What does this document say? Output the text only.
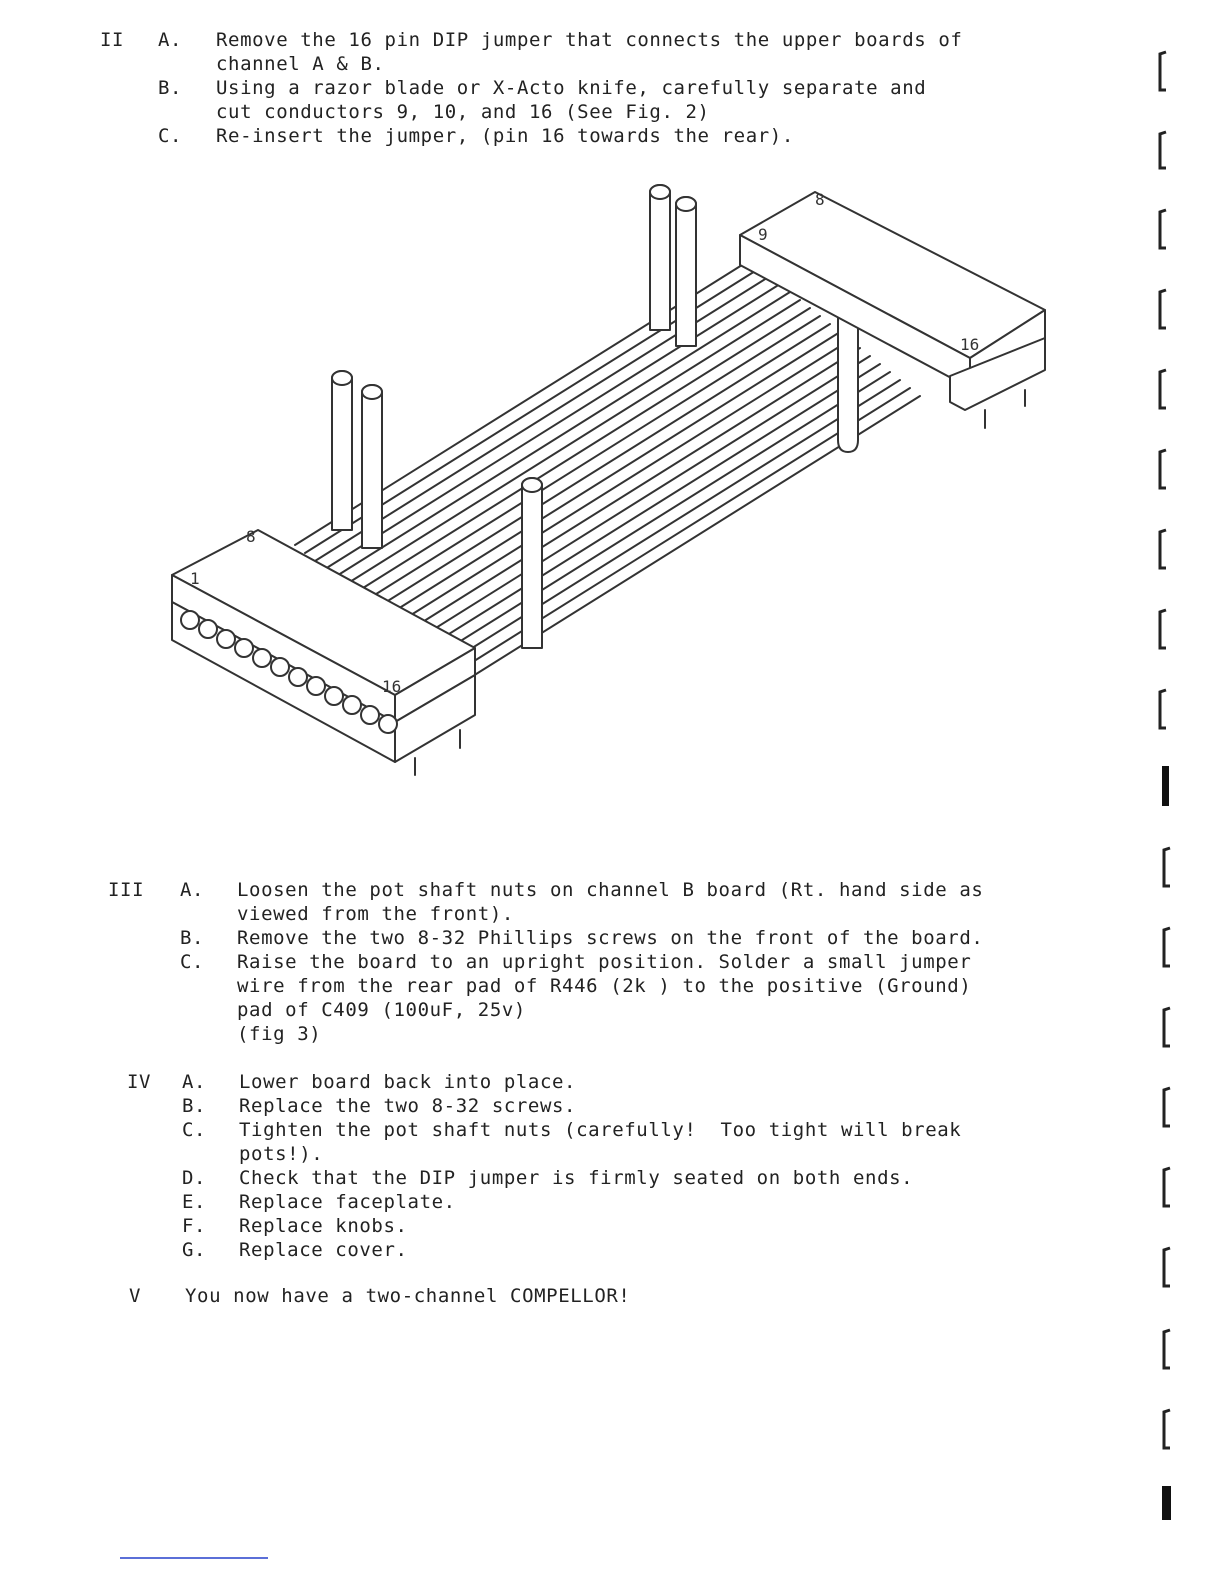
II A. Remove the 16 pin DIP jumper that connects the upper boards of
channel A & B.
B. Using a razor blade or X-Acto knife, carefully separate and
cut conductors 9, 10, and 16 (See Fig. 2)
C. Re-insert the jumper, (pin 16 towards the rear).
1
8
16
9
8
16
III A. Loosen the pot shaft nuts on channel B board (Rt. hand side as
viewed from the front).
B. Remove the two 8-32 Phillips screws on the front of the board.
C. Raise the board to an upright position. Solder a small jumper
wire from the rear pad of R446 (2k ) to the positive (Ground)
pad of C409 (100uF, 25v)
(fig 3)
IV A. Lower board back into place.
B. Replace the two 8-32 screws.
C. Tighten the pot shaft nuts (carefully!  Too tight will break
pots!).
D. Check that the DIP jumper is firmly seated on both ends.
E. Replace faceplate.
F. Replace knobs.
G. Replace cover.
V You now have a two-channel COMPELLOR!
